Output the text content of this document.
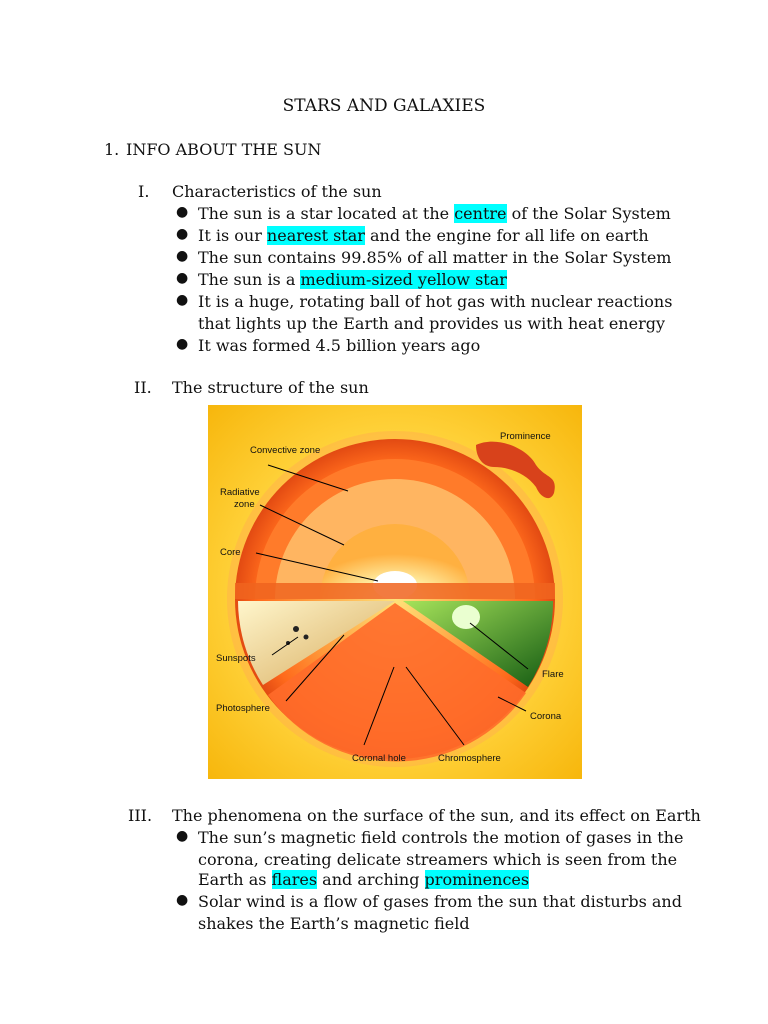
STARS AND GALAXIES
1. INFO ABOUT THE SUN
I. Characteristics of the sun
● The sun is a star located at the centre of the Solar System
● It is our nearest star and the engine for all life on earth
● The sun contains 99.85% of all matter in the Solar System
● The sun is a medium-sized yellow star
● It is a huge, rotating ball of hot gas with nuclear reactions
that lights up the Earth and provides us with heat energy
● It was formed 4.5 billion years ago
II. The structure of the sun
Convective zone
Radiative
zone
Core
Prominence
Sunspots
Photosphere
Coronal hole	Chromosphere
Flare
Corona
III. The phenomena on the surface of the sun, and its effect on Earth
● The sun’s magnetic field controls the motion of gases in the
corona, creating delicate streamers which is seen from the
Earth as flares and arching prominences
● Solar wind is a flow of gases from the sun that disturbs and
shakes the Earth’s magnetic field
